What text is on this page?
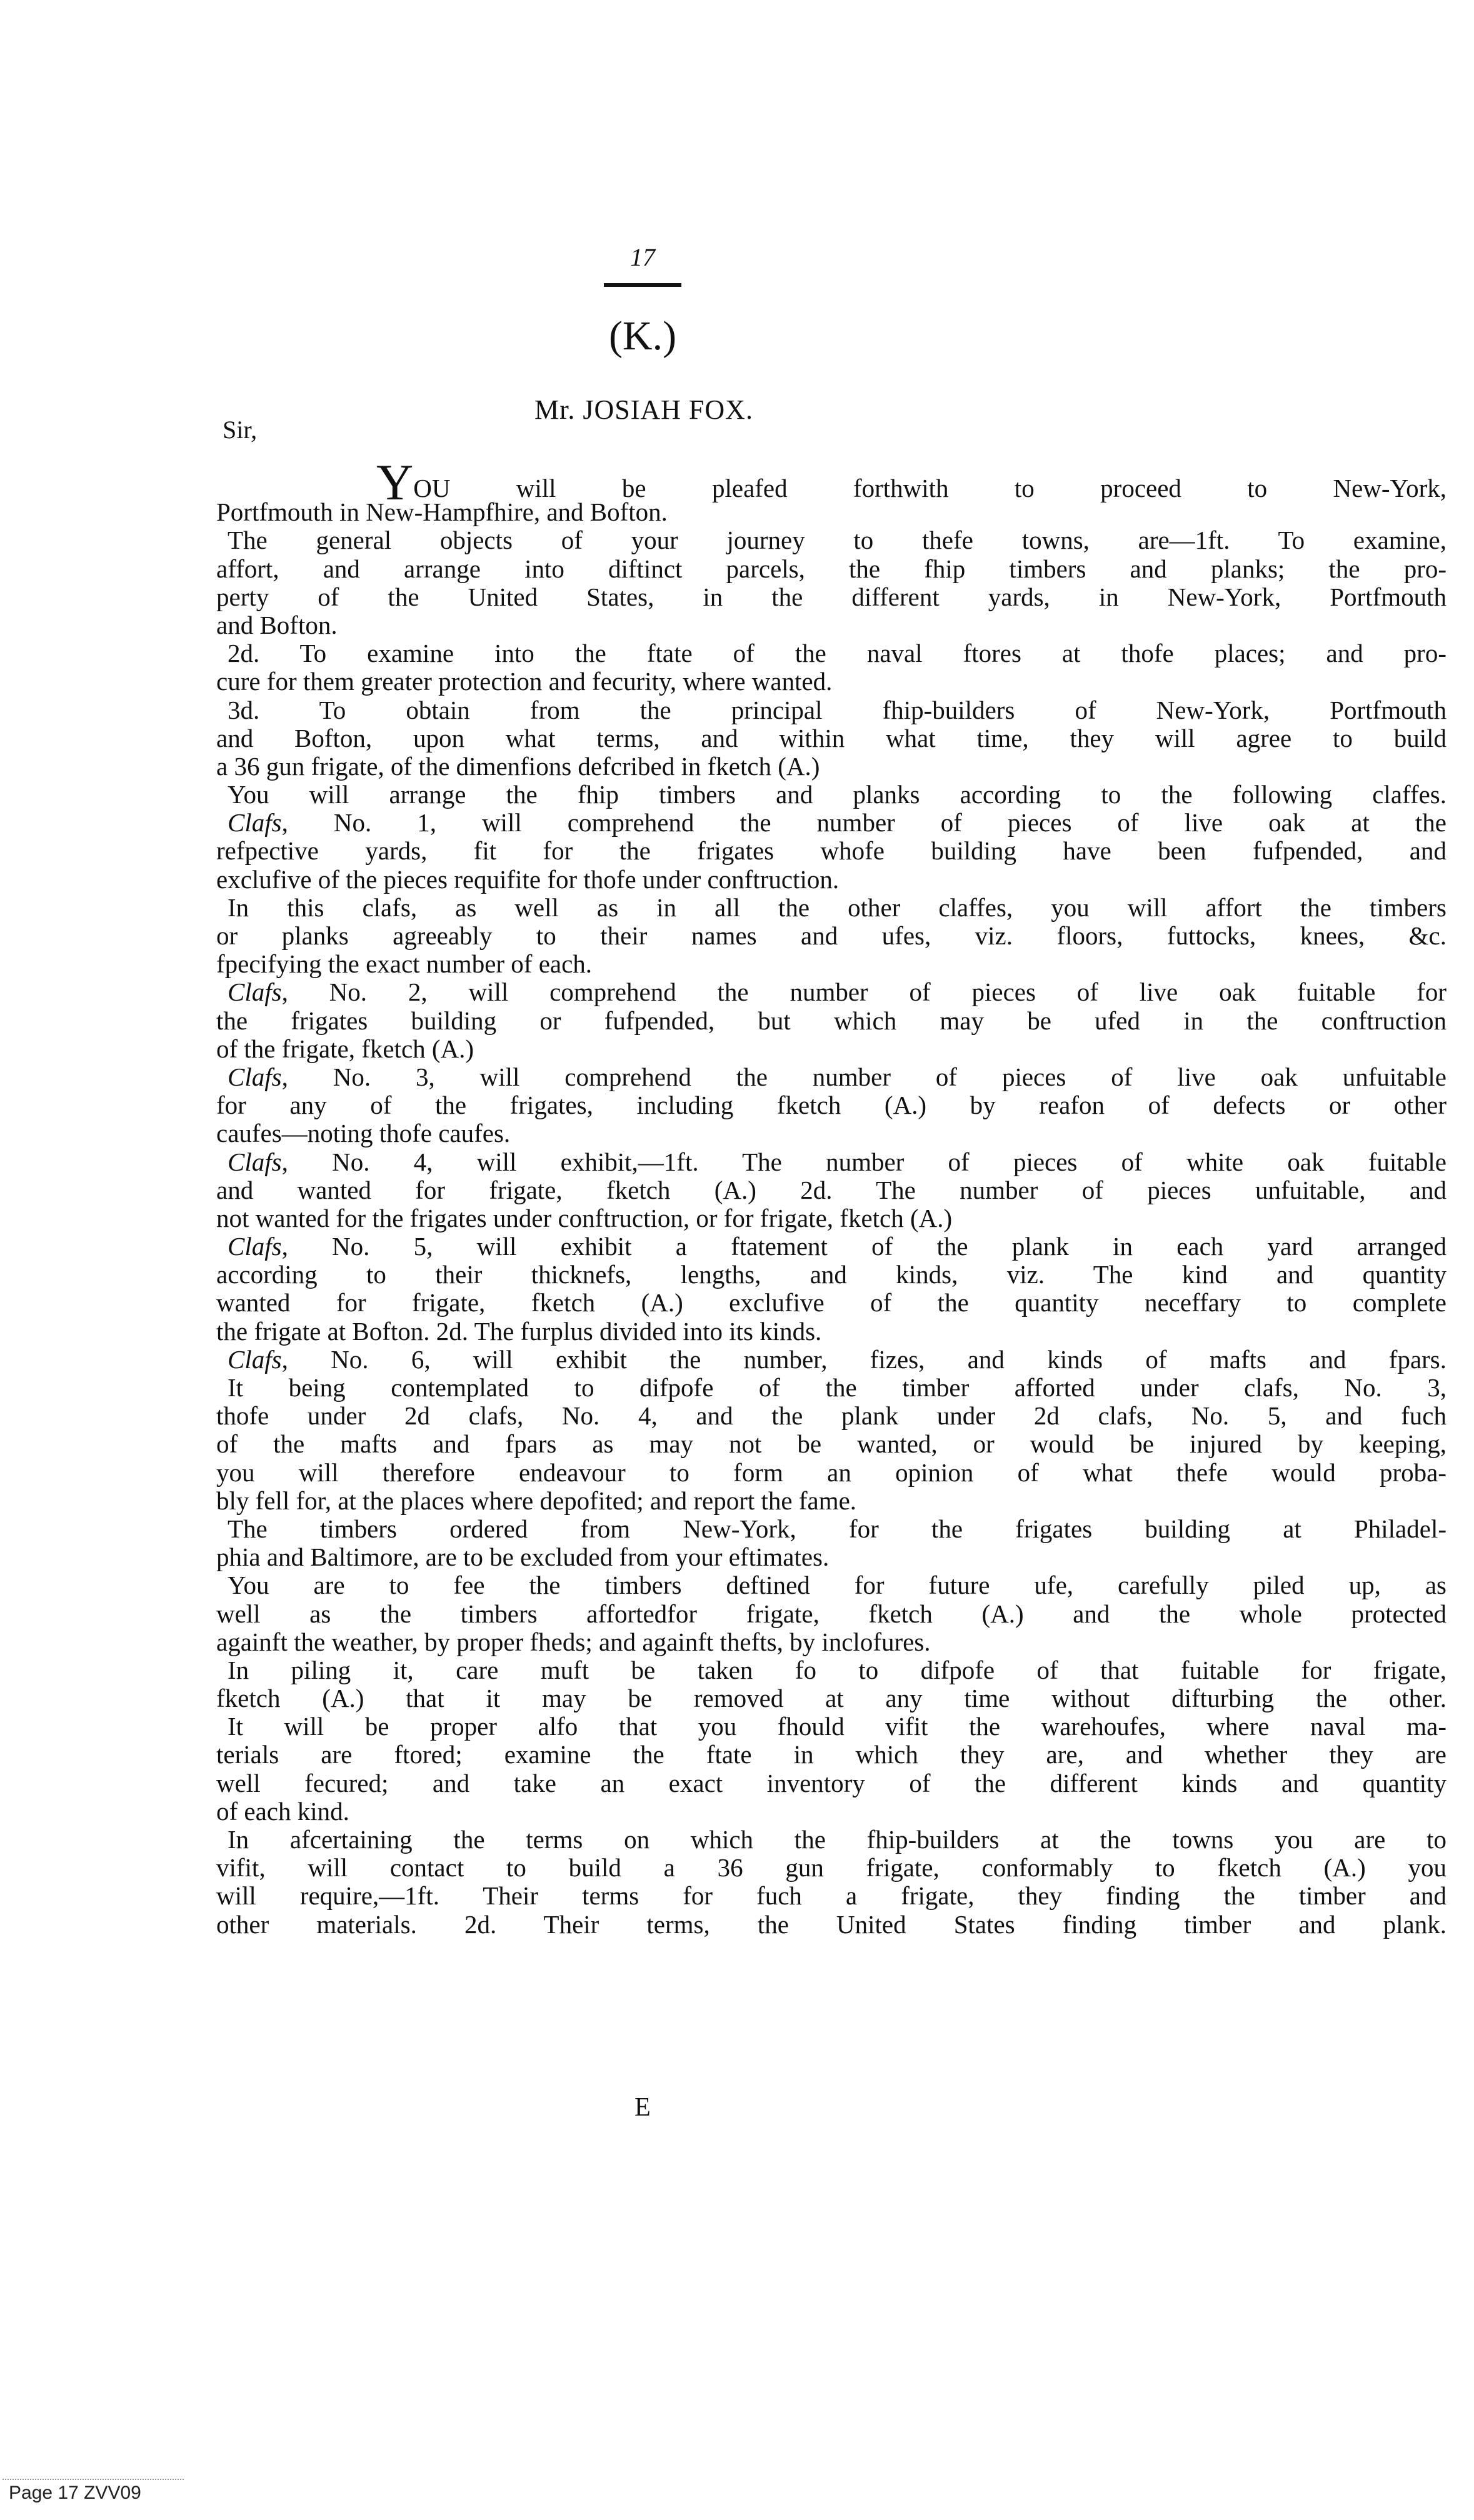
17
(K.)
Mr. JOSIAH FOX.
Sir,
YOU will be pleafed forthwith to proceed to New-York,
Portfmouth in New-Hampfhire, and Bofton.
The general objects of your journey to thefe towns, are—1ft. To examine,
affort, and arrange into diftinct parcels, the fhip timbers and planks; the pro-
perty of the United States, in the different yards, in New-York, Portfmouth
and Bofton.
2d. To examine into the ftate of the naval ftores at thofe places; and pro-
cure for them greater protection and fecurity, where wanted.
3d. To obtain from the principal fhip-builders of New-York, Portfmouth
and Bofton, upon what terms, and within what time, they will agree to build
a 36 gun frigate, of the dimenfions defcribed in fketch (A.)
You will arrange the fhip timbers and planks according to the following claffes.
Clafs, No. 1, will comprehend the number of pieces of live oak at the
refpective yards, fit for the frigates whofe building have been fufpended, and
exclufive of the pieces requifite for thofe under conftruction.
In this clafs, as well as in all the other claffes, you will affort the timbers
or planks agreeably to their names and ufes, viz. floors, futtocks, knees, &c.
fpecifying the exact number of each.
Clafs, No. 2, will comprehend the number of pieces of live oak fuitable for
the frigates building or fufpended, but which may be ufed in the conftruction
of the frigate, fketch (A.)
Clafs, No. 3, will comprehend the number of pieces of live oak unfuitable
for any of the frigates, including fketch (A.) by reafon of defects or other
caufes—noting thofe caufes.
Clafs, No. 4, will exhibit,—1ft. The number of pieces of white oak fuitable
and wanted for frigate, fketch (A.) 2d. The number of pieces unfuitable, and
not wanted for the frigates under conftruction, or for frigate, fketch (A.)
Clafs, No. 5, will exhibit a ftatement of the plank in each yard arranged
according to their thicknefs, lengths, and kinds, viz. The kind and quantity
wanted for frigate, fketch (A.) exclufive of the quantity neceffary to complete
the frigate at Bofton. 2d. The furplus divided into its kinds.
Clafs, No. 6, will exhibit the number, fizes, and kinds of mafts and fpars.
It being contemplated to difpofe of the timber afforted under clafs, No. 3,
thofe under 2d clafs, No. 4, and the plank under 2d clafs, No. 5, and fuch
of the mafts and fpars as may not be wanted, or would be injured by keeping,
you will therefore endeavour to form an opinion of what thefe would proba-
bly fell for, at the places where depofited; and report the fame.
The timbers ordered from New-York, for the frigates building at Philadel-
phia and Baltimore, are to be excluded from your eftimates.
You are to fee the timbers deftined for future ufe, carefully piled up, as
well as the timbers affortedfor frigate, fketch (A.) and the whole protected
againft the weather, by proper fheds; and againft thefts, by inclofures.
In piling it, care muft be taken fo to difpofe of that fuitable for frigate,
fketch (A.) that it may be removed at any time without difturbing the other.
It will be proper alfo that you fhould vifit the warehoufes, where naval ma-
terials are ftored; examine the ftate in which they are, and whether they are
well fecured; and take an exact inventory of the different kinds and quantity
of each kind.
In afcertaining the terms on which the fhip-builders at the towns you are to
vifit, will contact to build a 36 gun frigate, conformably to fketch (A.) you
will require,—1ft. Their terms for fuch a frigate, they finding the timber and
other materials. 2d. Their terms, the United States finding timber and plank.
E
Page 17 ZVV09
